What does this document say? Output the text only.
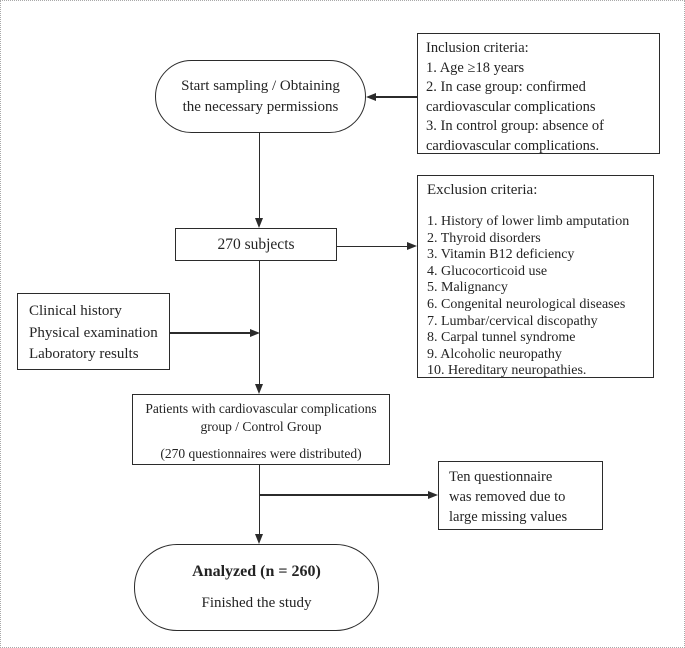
Start sampling / Obtaining
the necessary permissions
Inclusion criteria:
1. Age ≥18 years
2. In case group: confirmed cardiovascular complications
3. In control group: absence of cardiovascular complications.
270 subjects
Exclusion criteria:
1. History of lower limb amputation
2. Thyroid disorders
3. Vitamin B12 deficiency
4. Glucocorticoid use
5. Malignancy
6. Congenital neurological diseases
7. Lumbar/cervical discopathy
8. Carpal tunnel syndrome
9. Alcoholic neuropathy
10. Hereditary neuropathies.
Clinical history
Physical examination
Laboratory results
Patients with cardiovascular complications
group / Control Group
(270 questionnaires were distributed)
Ten questionnaire
was removed due to
large missing values
Analyzed (n = 260)
Finished the study
